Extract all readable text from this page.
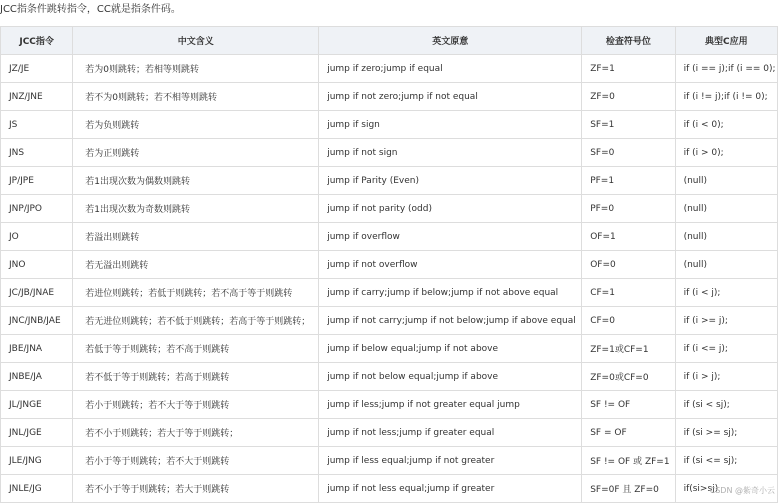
JCC指条件跳转指令，CC就是指条件码。
JCC指令	中文含义	英文原意	检查符号位	典型C应用
JZ/JE	若为0则跳转；若相等则跳转	jump if zero;jump if equal	ZF=1	if (i == j);if (i == 0);
JNZ/JNE	若不为0则跳转；若不相等则跳转	jump if not zero;jump if not equal	ZF=0	if (i != j);if (i != 0);
JS	若为负则跳转	jump if sign	SF=1	if (i < 0);
JNS	若为正则跳转	jump if not sign	SF=0	if (i > 0);
JP/JPE	若1出现次数为偶数则跳转	jump if Parity (Even)	PF=1	(null)
JNP/JPO	若1出现次数为奇数则跳转	jump if not parity (odd)	PF=0	(null)
JO	若溢出则跳转	jump if overflow	OF=1	(null)
JNO	若无溢出则跳转	jump if not overflow	OF=0	(null)
JC/JB/JNAE	若进位则跳转；若低于则跳转；若不高于等于则跳转	jump if carry;jump if below;jump if not above equal	CF=1	if (i < j);
JNC/JNB/JAE	若无进位则跳转；若不低于则跳转；若高于等于则跳转；	jump if not carry;jump if not below;jump if above equal	CF=0	if (i >= j);
JBE/JNA	若低于等于则跳转；若不高于则跳转	jump if below equal;jump if not above	ZF=1或CF=1	if (i <= j);
JNBE/JA	若不低于等于则跳转；若高于则跳转	jump if not below equal;jump if above	ZF=0或CF=0	if (i > j);
JL/JNGE	若小于则跳转；若不大于等于则跳转	jump if less;jump if not greater equal jump	SF != OF	if (si < sj);
JNL/JGE	若不小于则跳转；若大于等于则跳转；	jump if not less;jump if greater equal	SF = OF	if (si >= sj);
JLE/JNG	若小于等于则跳转；若不大于则跳转	jump if less equal;jump if not greater	SF != OF 或 ZF=1	if (si <= sj);
JNLE/JG	若不小于等于则跳转；若大于则跳转	jump if not less equal;jump if greater	SF=0F 且 ZF=0	if(si>sj)
CSDN @紫奇小云
